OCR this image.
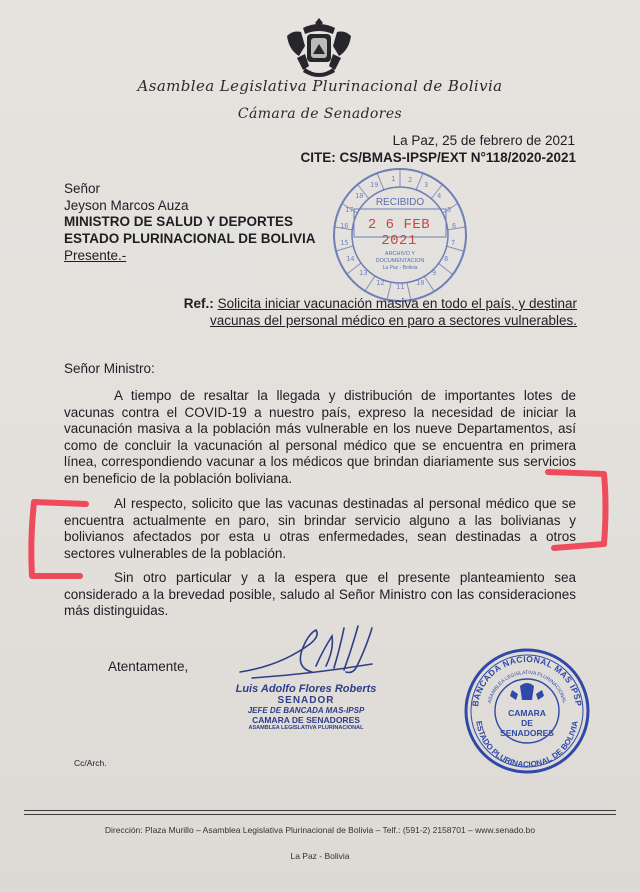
Asamblea Legislativa Plurinacional de Bolivia
Cámara de Senadores
La Paz, 25 de febrero de 2021
CITE: CS/BMAS-IPSP/EXT N°118/2020-2021
1 2
3
4
5
6
7
8
9
10
11
12
13
14
15
16
17
18
19
RECIBIDO
ARCHIVO Y
DOCUMENTACION
La Paz - Bolivia
2 6 FEB 2021
Señor
Jeyson Marcos Auza
MINISTRO DE SALUD Y DEPORTES
ESTADO PLURINACIONAL DE BOLIVIA
Presente.-
Ref.: Solicita iniciar vacunación masiva en todo el país, y destinar vacunas del personal médico en paro a sectores vulnerables.
Señor Ministro:
A tiempo de resaltar la llegada y distribución de importantes lotes de vacunas contra el COVID-19 a nuestro país, expreso la necesidad de iniciar la vacunación masiva a la población más vulnerable en los nueve Departamentos, así como de concluir la vacunación al personal médico que se encuentra en primera línea, correspondiendo vacunar a los médicos que brindan diariamente sus servicios en beneficio de la población boliviana.
Al respecto, solicito que las vacunas destinadas al personal médico que se encuentra actualmente en paro, sin brindar servicio alguno a las bolivianas y bolivianos afectados por esta u otras enfermedades, sean destinadas a otros sectores vulnerables de la población.
Sin otro particular y a la espera que el presente planteamiento sea considerado a la brevedad posible, saludo al Señor Ministro con las consideraciones más distinguidas.
Atentamente,
Luis Adolfo Flores Roberts
SENADOR
JEFE DE BANCADA MAS-IPSP
CAMARA DE SENADORES
ASAMBLEA LEGISLATIVA PLURINACIONAL
BANCADA NACIONAL MAS IPSP
ASAMBLEA LEGISLATIVA PLURINACIONAL
ESTADO PLURINACIONAL DE BOLIVIA
CAMARA
DE
SENADORES
Cc/Arch.
Dirección: Plaza Murillo – Asamblea Legislativa Plurinacional de Bolivia – Telf.: (591-2) 2158701 – www.senado.bo
La Paz - Bolivia
